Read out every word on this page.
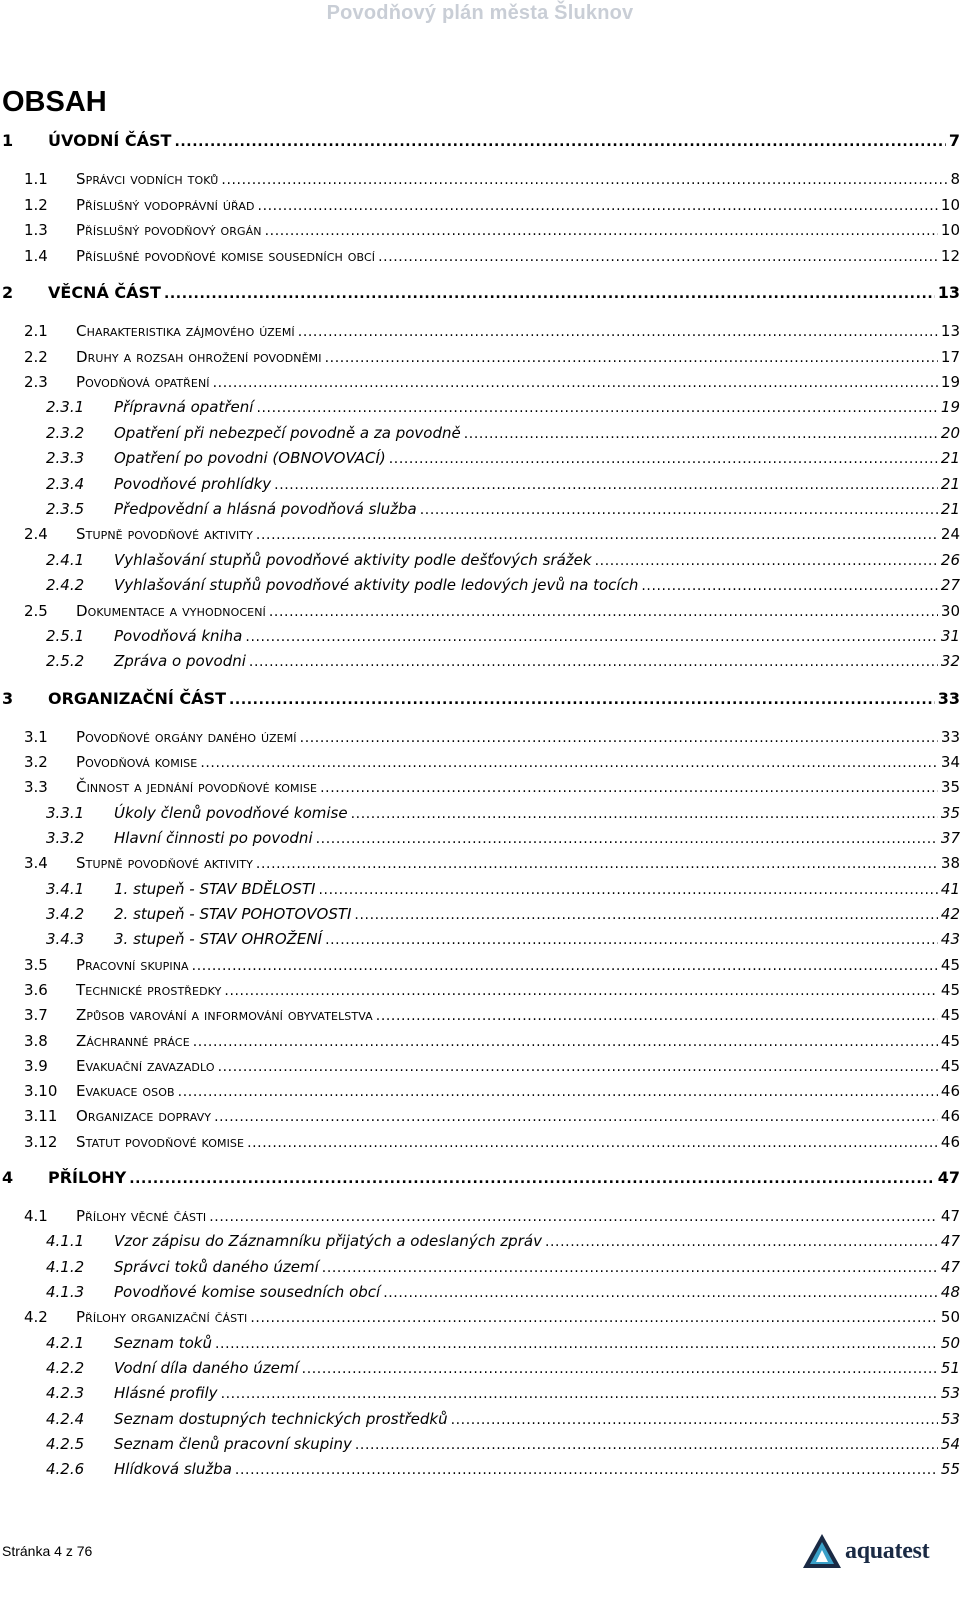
Povodňový plán města Šluknov
OBSAH
1	ÚVODNÍ ČÁST .....	7
1.1	Správci vodních toků .....	8
1.2	Příslušný vodoprávní úřad .....	10
1.3	Příslušný povodňový orgán .....	10
1.4	Příslušné povodňové komise sousedních obcí .....	12
2	VĚCNÁ ČÁST .....	13
2.1	Charakteristika zájmového území .....	13
2.2	Druhy a rozsah ohrožení povodněmi .....	17
2.3	Povodňová opatření .....	19
2.3.1	Přípravná opatření .....	19
2.3.2	Opatření při nebezpečí povodně a za povodně .....	20
2.3.3	Opatření po povodni (OBNOVOVACÍ) .....	21
2.3.4	Povodňové prohlídky .....	21
2.3.5	Předpovědní a hlásná povodňová služba .....	21
2.4	Stupně povodňové aktivity .....	24
2.4.1	Vyhlašování stupňů povodňové aktivity podle dešťových srážek .....	26
2.4.2	Vyhlašování stupňů povodňové aktivity podle ledových jevů na tocích .....	27
2.5	Dokumentace a vyhodnocení .....	30
2.5.1	Povodňová kniha .....	31
2.5.2	Zpráva o povodni .....	32
3	ORGANIZAČNÍ ČÁST .....	33
3.1	Povodňové orgány daného území .....	33
3.2	Povodňová komise .....	34
3.3	Činnost a jednání povodňové komise .....	35
3.3.1	Úkoly členů povodňové komise .....	35
3.3.2	Hlavní činnosti po povodni .....	37
3.4	Stupně povodňové aktivity .....	38
3.4.1	1. stupeň - STAV BDĚLOSTI .....	41
3.4.2	2. stupeň - STAV POHOTOVOSTI .....	42
3.4.3	3. stupeň - STAV OHROŽENÍ .....	43
3.5	Pracovní skupina .....	45
3.6	Technické prostředky .....	45
3.7	Způsob varování a informování obyvatelstva .....	45
3.8	Záchranné práce .....	45
3.9	Evakuační zavazadlo .....	45
3.10	Evakuace osob .....	46
3.11	Organizace dopravy .....	46
3.12	Statut povodňové komise .....	46
4	PŘÍLOHY .....	47
4.1	Přílohy věcné části .....	47
4.1.1	Vzor zápisu do Záznamníku přijatých a odeslaných zpráv .....	47
4.1.2	Správci toků daného území .....	47
4.1.3	Povodňové komise sousedních obcí .....	48
4.2	Přílohy organizační části .....	50
4.2.1	Seznam toků .....	50
4.2.2	Vodní díla daného území .....	51
4.2.3	Hlásné profily .....	53
4.2.4	Seznam dostupných technických prostředků .....	53
4.2.5	Seznam členů pracovní skupiny .....	54
4.2.6	Hlídková služba .....	55
Stránka 4 z 76	aquatest
